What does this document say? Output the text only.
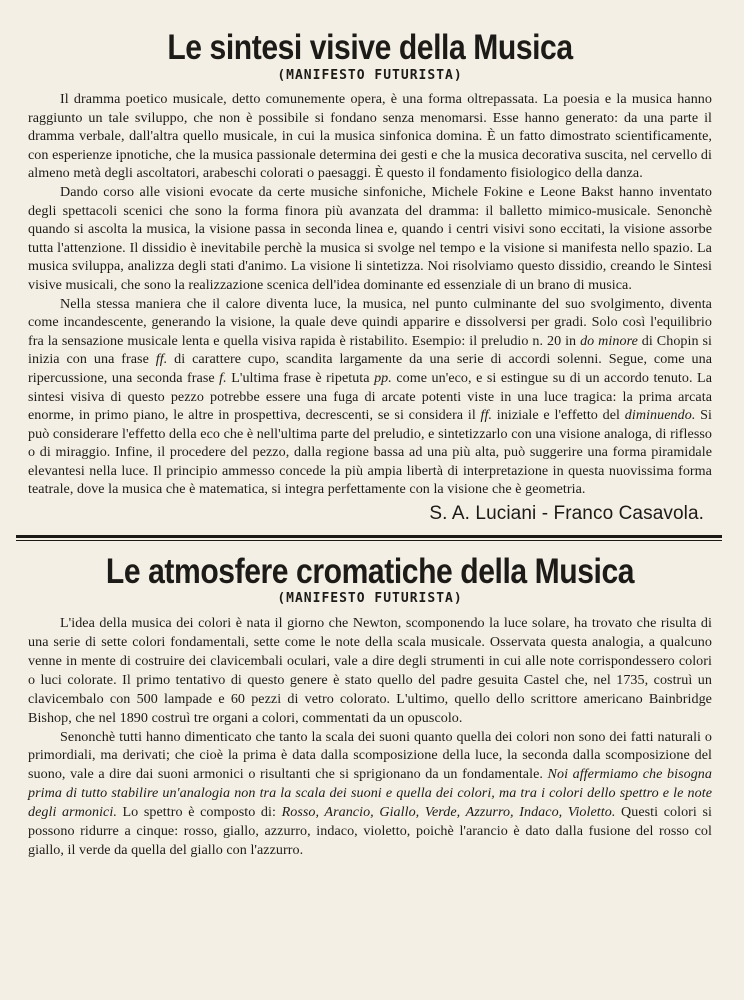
Le sintesi visive della Musica
(MANIFESTO FUTURISTA)

Il dramma poetico musicale, detto comunemente opera, è una forma oltrepassata. La poesia e la musica hanno raggiunto un tale sviluppo, che non è possibile si fondano senza menomarsi. Esse hanno generato: da una parte il dramma verbale, dall'altra quello musicale, in cui la musica sinfonica domina. È un fatto dimostrato scientificamente, con esperienze ipnotiche, che la musica passionale determina dei gesti e che la musica decorativa suscita, nel cervello di almeno metà degli ascoltatori, arabeschi colorati o paesaggi. È questo il fondamento fisiologico della danza.

Dando corso alle visioni evocate da certe musiche sinfoniche, Michele Fokine e Leone Bakst hanno inventato degli spettacoli scenici che sono la forma finora più avanzata del dramma: il balletto mimico-musicale. Senonchè quando si ascolta la musica, la visione passa in seconda linea e, quando i centri visivi sono eccitati, la visione assorbe tutta l'attenzione. Il dissidio è inevitabile perchè la musica si svolge nel tempo e la visione si manifesta nello spazio. La musica sviluppa, analizza degli stati d'animo. La visione li sintetizza. Noi risolviamo questo dissidio, creando le Sintesi visive musicali, che sono la realizzazione scenica dell'idea dominante ed essenziale di un brano di musica.

Nella stessa maniera che il calore diventa luce, la musica, nel punto culminante del suo svolgimento, diventa come incandescente, generando la visione, la quale deve quindi apparire e dissolversi per gradi. Solo così l'equilibrio fra la sensazione musicale lenta e quella visiva rapida è ristabilito. Esempio: il preludio n. 20 in do minore di Chopin si inizia con una frase ff. di carattere cupo, scandita largamente da una serie di accordi solenni. Segue, come una ripercussione, una seconda frase f. L'ultima frase è ripetuta pp. come un'eco, e si estingue su di un accordo tenuto. La sintesi visiva di questo pezzo potrebbe essere una fuga di arcate potenti viste in una luce tragica: la prima arcata enorme, in primo piano, le altre in prospettiva, decrescenti, se si considera il ff. iniziale e l'effetto del diminuendo. Si può considerare l'effetto della eco che è nell'ultima parte del preludio, e sintetizzarlo con una visione analoga, di riflesso o di miraggio. Infine, il procedere del pezzo, dalla regione bassa ad una più alta, può suggerire una forma piramidale elevantesi nella luce. Il principio ammesso concede la più ampia libertà di interpretazione in questa nuovissima forma teatrale, dove la musica che è matematica, si integra perfettamente con la visione che è geometria.

S. A. Luciani - Franco Casavola.
Le atmosfere cromatiche della Musica
(MANIFESTO FUTURISTA)

L'idea della musica dei colori è nata il giorno che Newton, scomponendo la luce solare, ha trovato che risulta di una serie di sette colori fondamentali, sette come le note della scala musicale. Osservata questa analogia, a qualcuno venne in mente di costruire dei clavicembali oculari, vale a dire degli strumenti in cui alle note corrispondessero colori o luci colorate. Il primo tentativo di questo genere è stato quello del padre gesuita Castel che, nel 1735, costruì un clavicembalo con 500 lampade e 60 pezzi di vetro colorato. L'ultimo, quello dello scrittore americano Bainbridge Bishop, che nel 1890 costruì tre organi a colori, commentati da un opuscolo.

Senonchè tutti hanno dimenticato che tanto la scala dei suoni quanto quella dei colori non sono dei fatti naturali o primordiali, ma derivati; che cioè la prima è data dalla scomposizione della luce, la seconda dalla scomposizione del suono, vale a dire dai suoni armonici o risultanti che si sprigionano da un fondamentale. Noi affermiamo che bisogna prima di tutto stabilire un'analogia non tra la scala dei suoni e quella dei colori, ma tra i colori dello spettro e le note degli armonici. Lo spettro è composto di: Rosso, Arancio, Giallo, Verde, Azzurro, Indaco, Violetto. Questi colori si possono ridurre a cinque: rosso, giallo, azzurro, indaco, violetto, poichè l'arancio è dato dalla fusione del rosso col giallo, il verde da quella del giallo con l'azzurro.
